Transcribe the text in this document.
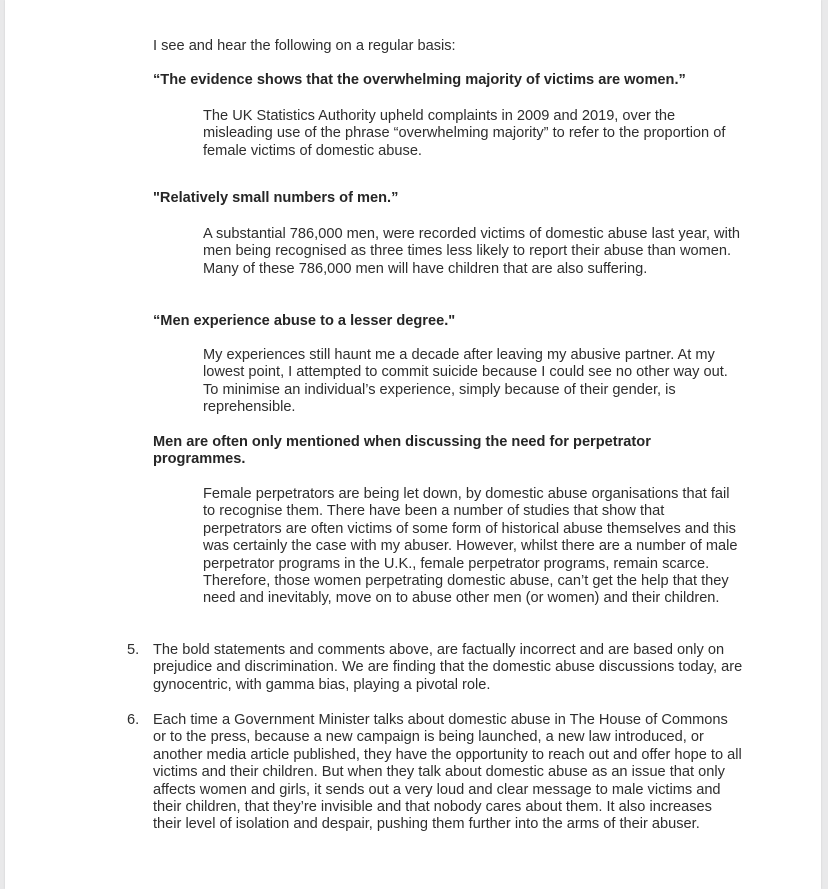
I see and hear the following on a regular basis:

“The evidence shows that the overwhelming majority of victims are women.”

The UK Statistics Authority upheld complaints in 2009 and 2019, over the misleading use of the phrase “overwhelming majority” to refer to the proportion of female victims of domestic abuse.

"Relatively small numbers of men.”

A substantial 786,000 men, were recorded victims of domestic abuse last year, with men being recognised as three times less likely to report their abuse than women. Many of these 786,000 men will have children that are also suffering.

“Men experience abuse to a lesser degree."

My experiences still haunt me a decade after leaving my abusive partner. At my lowest point, I attempted to commit suicide because I could see no other way out. To minimise an individual’s experience, simply because of their gender, is reprehensible.

Men are often only mentioned when discussing the need for perpetrator programmes.

Female perpetrators are being let down, by domestic abuse organisations that fail to recognise them. There have been a number of studies that show that perpetrators are often victims of some form of historical abuse themselves and this was certainly the case with my abuser. However, whilst there are a number of male perpetrator programs in the U.K., female perpetrator programs, remain scarce. Therefore, those women perpetrating domestic abuse, can’t get the help that they need and inevitably, move on to abuse other men (or women) and their children.

5. The bold statements and comments above, are factually incorrect and are based only on prejudice and discrimination. We are finding that the domestic abuse discussions today, are gynocentric, with gamma bias, playing a pivotal role.

6. Each time a Government Minister talks about domestic abuse in The House of Commons or to the press, because a new campaign is being launched, a new law introduced, or another media article published, they have the opportunity to reach out and offer hope to all victims and their children. But when they talk about domestic abuse as an issue that only affects women and girls, it sends out a very loud and clear message to male victims and their children, that they’re invisible and that nobody cares about them. It also increases their level of isolation and despair, pushing them further into the arms of their abuser.
